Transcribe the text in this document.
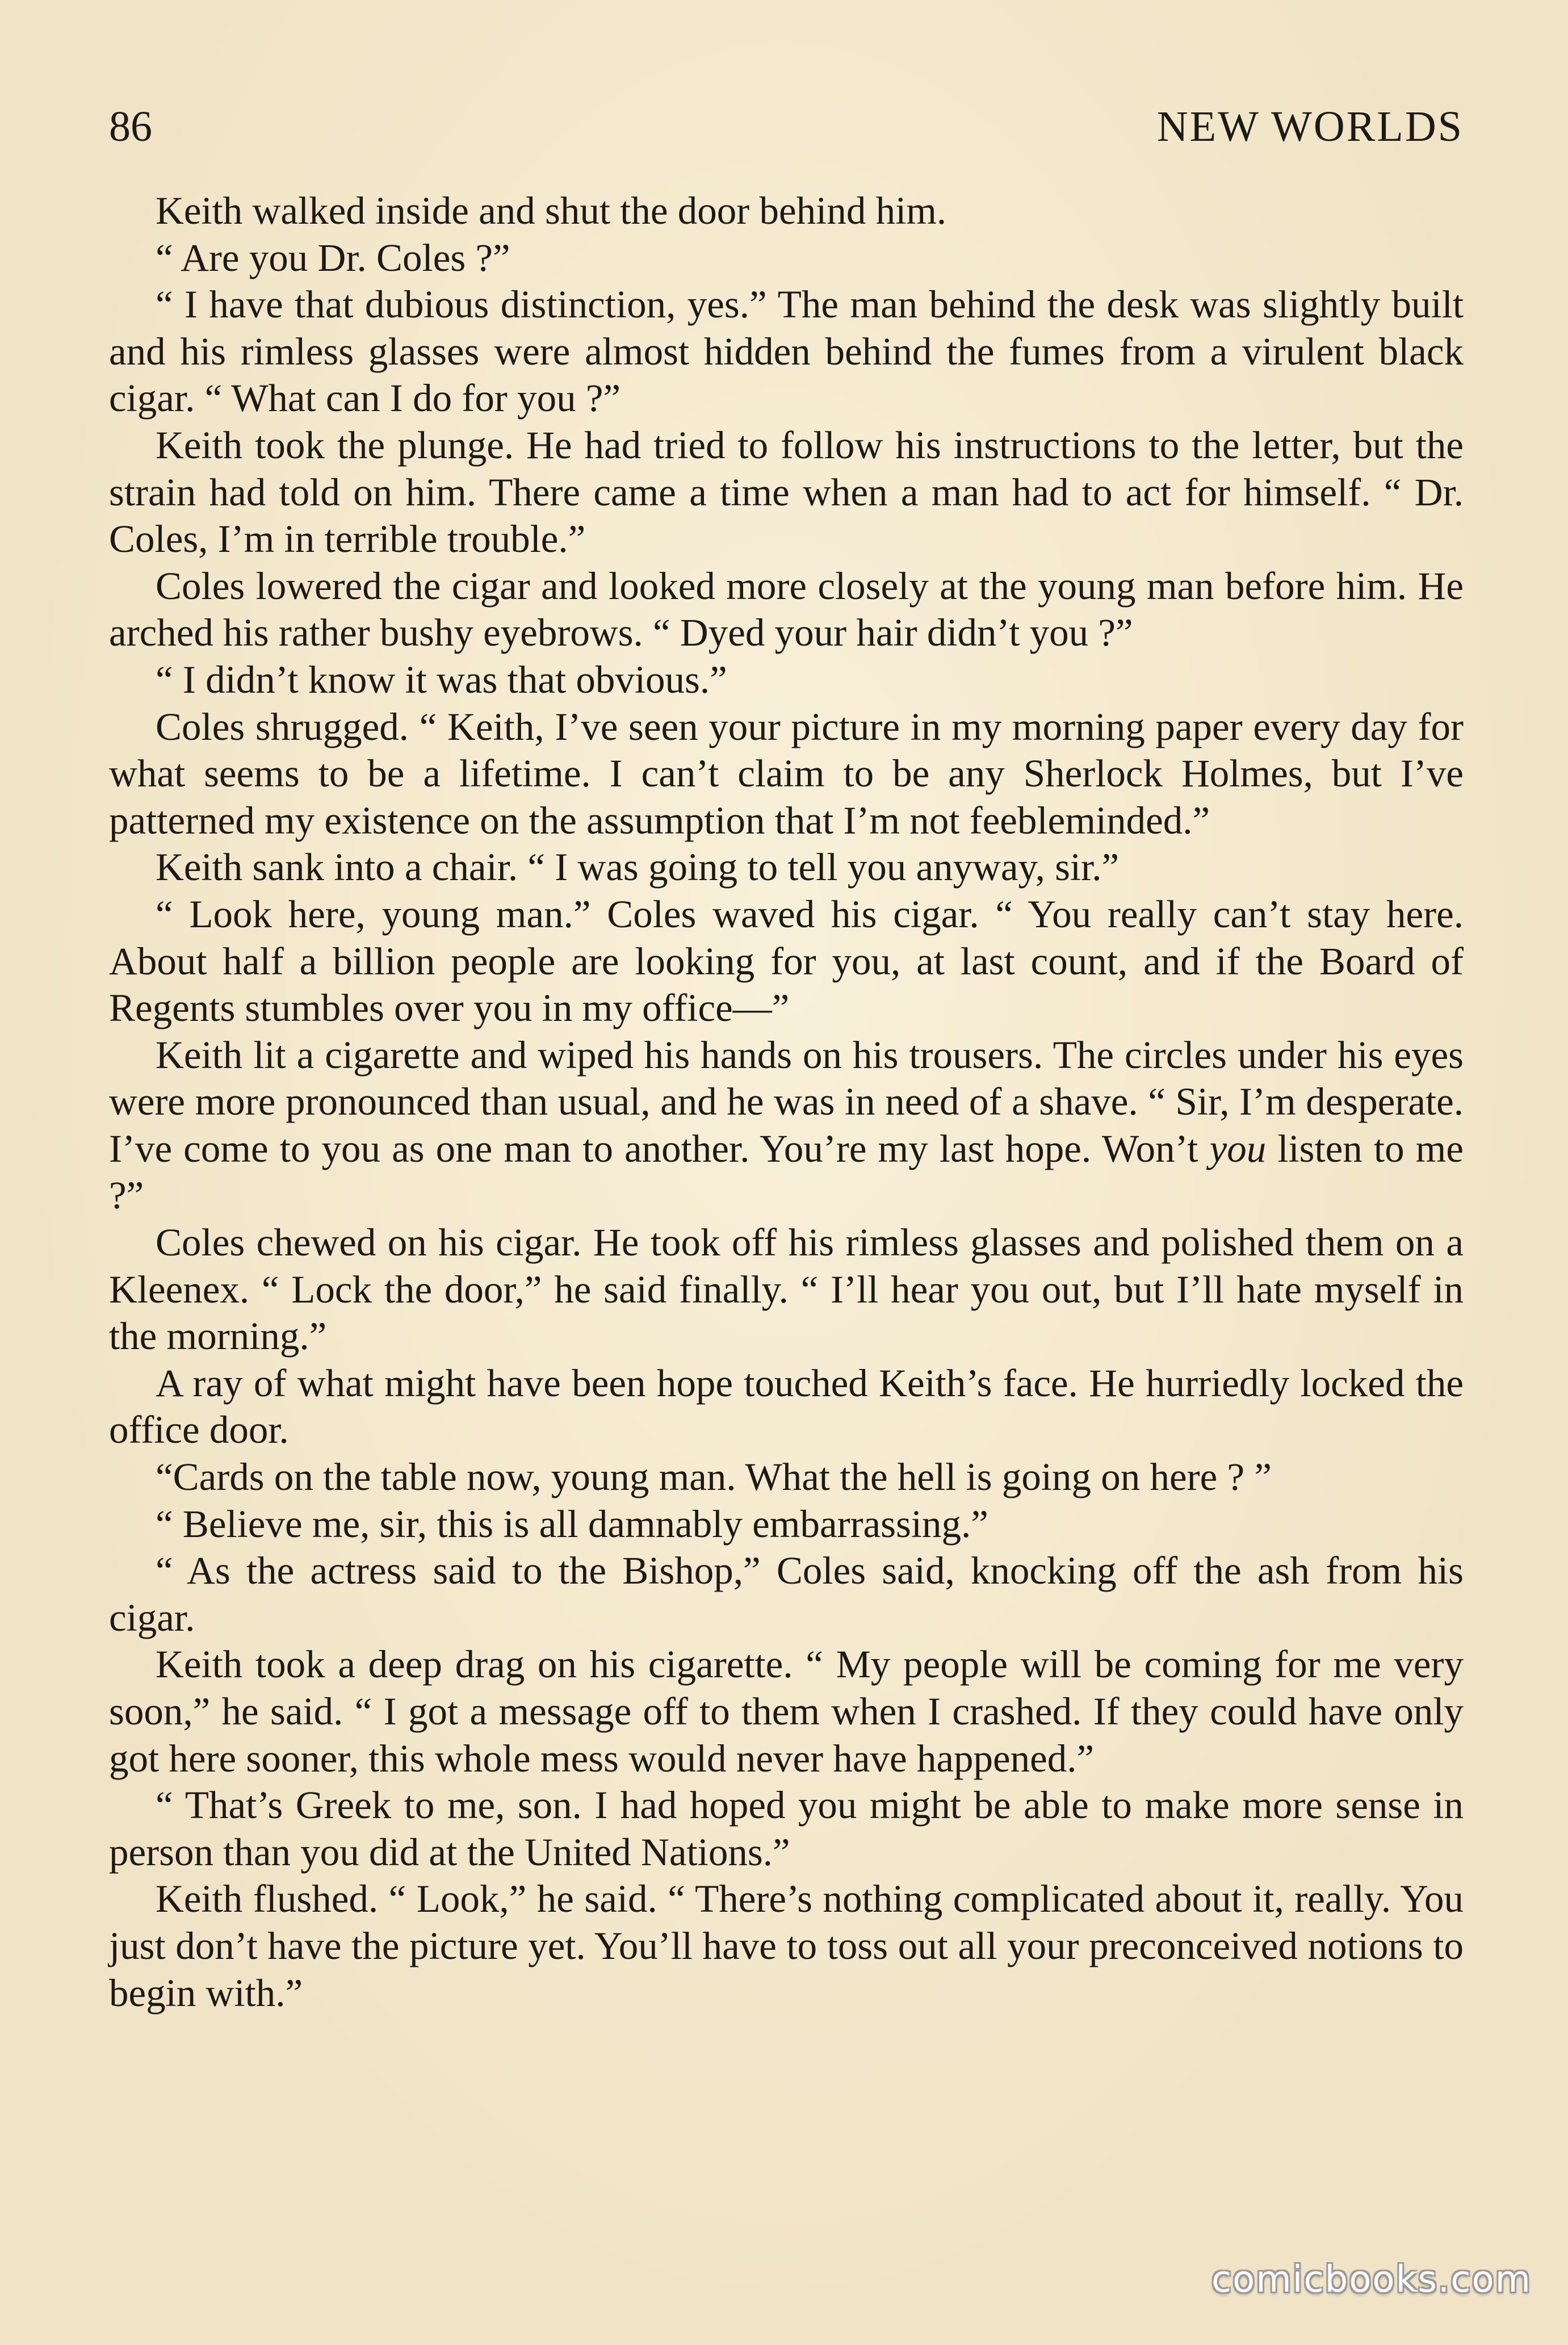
86	NEW WORLDS

Keith walked inside and shut the door behind him.

“ Are you Dr. Coles ?”

“ I have that dubious distinction, yes.” The man behind the desk was slightly built and his rimless glasses were almost hidden behind the fumes from a virulent black cigar. “ What can I do for you ?”

Keith took the plunge. He had tried to follow his instructions to the letter, but the strain had told on him. There came a time when a man had to act for himself. “ Dr. Coles, I’m in terrible trouble.”

Coles lowered the cigar and looked more closely at the young man before him. He arched his rather bushy eyebrows. “ Dyed your hair didn’t you ?”

“ I didn’t know it was that obvious.”

Coles shrugged. “ Keith, I’ve seen your picture in my morning paper every day for what seems to be a lifetime. I can’t claim to be any Sherlock Holmes, but I’ve patterned my existence on the assumption that I’m not feebleminded.”

Keith sank into a chair. “ I was going to tell you anyway, sir.”

“ Look here, young man.” Coles waved his cigar. “ You really can’t stay here. About half a billion people are looking for you, at last count, and if the Board of Regents stumbles over you in my office—”

Keith lit a cigarette and wiped his hands on his trousers. The circles under his eyes were more pronounced than usual, and he was in need of a shave. “ Sir, I’m desperate. I’ve come to you as one man to another. You’re my last hope. Won’t you listen to me ?”

Coles chewed on his cigar. He took off his rimless glasses and polished them on a Kleenex. “ Lock the door,” he said finally. “ I’ll hear you out, but I’ll hate myself in the morning.”

A ray of what might have been hope touched Keith’s face. He hurriedly locked the office door.

“Cards on the table now, young man. What the hell is going on here ? ”

“ Believe me, sir, this is all damnably embarrassing.”

“ As the actress said to the Bishop,” Coles said, knocking off the ash from his cigar.

Keith took a deep drag on his cigarette. “ My people will be coming for me very soon,” he said. “ I got a message off to them when I crashed. If they could have only got here sooner, this whole mess would never have happened.”

“ That’s Greek to me, son. I had hoped you might be able to make more sense in person than you did at the United Nations.”

Keith flushed. “ Look,” he said. “ There’s nothing complicated about it, really. You just don’t have the picture yet. You’ll have to toss out all your preconceived notions to begin with.”

comicbooks.com
